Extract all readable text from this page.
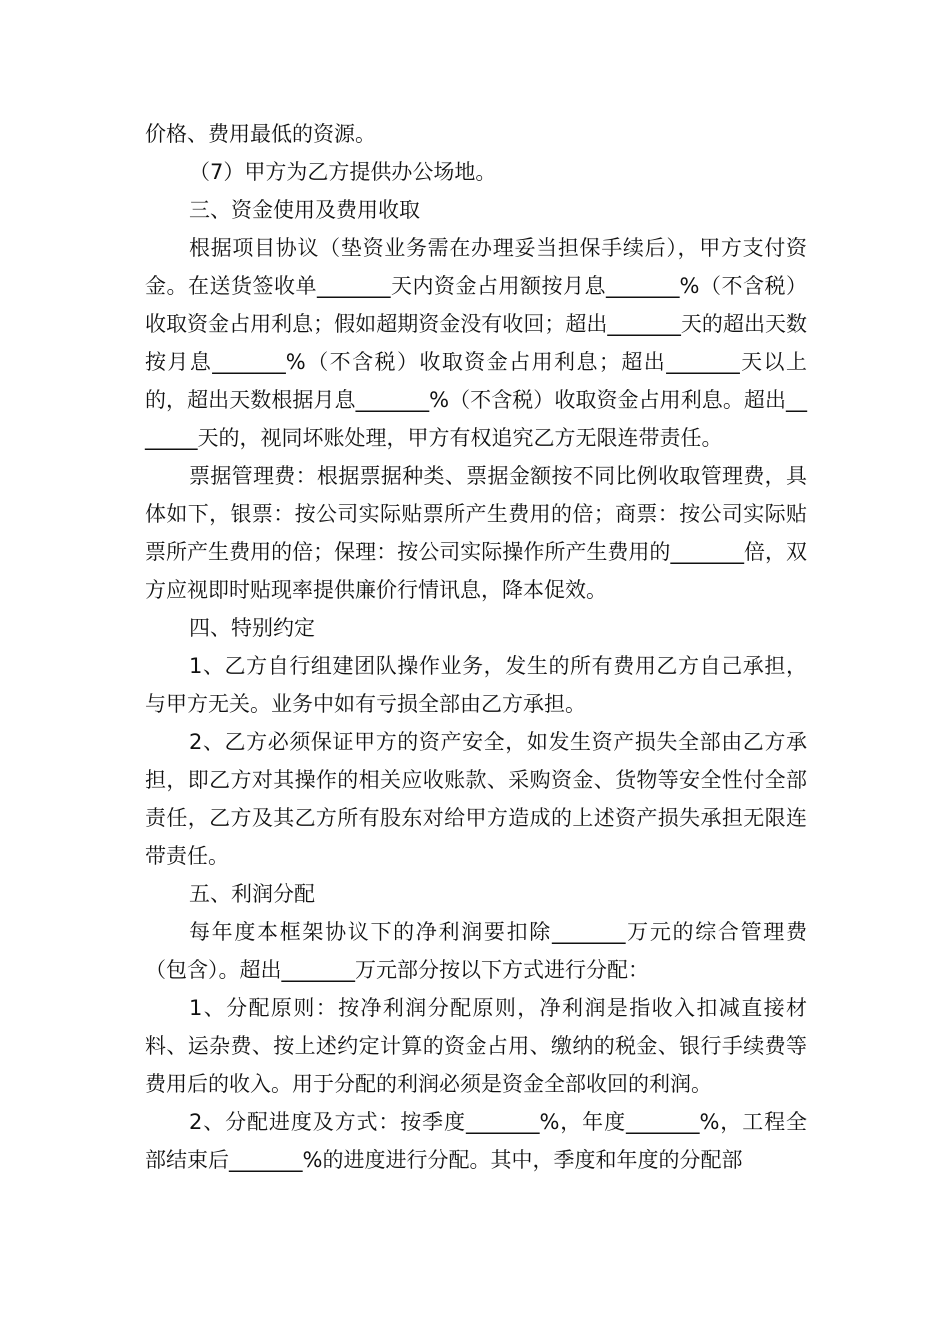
价格、费用最低的资源。

（7）甲方为乙方提供办公场地。

三、资金使用及费用收取

根据项目协议（垫资业务需在办理妥当担保手续后），甲方支付资金。在送货签收单_______天内资金占用额按月息_______%（不含税）收取资金占用利息；假如超期资金没有收回；超出_______天的超出天数按月息_______%（不含税）收取资金占用利息；超出_______天以上的，超出天数根据月息_______%（不含税）收取资金占用利息。超出_______天的，视同坏账处理，甲方有权追究乙方无限连带责任。

票据管理费：根据票据种类、票据金额按不同比例收取管理费，具体如下，银票：按公司实际贴票所产生费用的倍；商票：按公司实际贴票所产生费用的倍；保理：按公司实际操作所产生费用的_______倍，双方应视即时贴现率提供廉价行情讯息，降本促效。

四、特别约定

1、乙方自行组建团队操作业务，发生的所有费用乙方自己承担，与甲方无关。业务中如有亏损全部由乙方承担。

2、乙方必须保证甲方的资产安全，如发生资产损失全部由乙方承担，即乙方对其操作的相关应收账款、采购资金、货物等安全性付全部责任，乙方及其乙方所有股东对给甲方造成的上述资产损失承担无限连带责任。

五、利润分配

每年度本框架协议下的净利润要扣除_______万元的综合管理费（包含）。超出_______万元部分按以下方式进行分配：

1、分配原则：按净利润分配原则，净利润是指收入扣减直接材料、运杂费、按上述约定计算的资金占用、缴纳的税金、银行手续费等费用后的收入。用于分配的利润必须是资金全部收回的利润。

2、分配进度及方式：按季度_______%，年度_______%，工程全部结束后_______%的进度进行分配。其中，季度和年度的分配部
